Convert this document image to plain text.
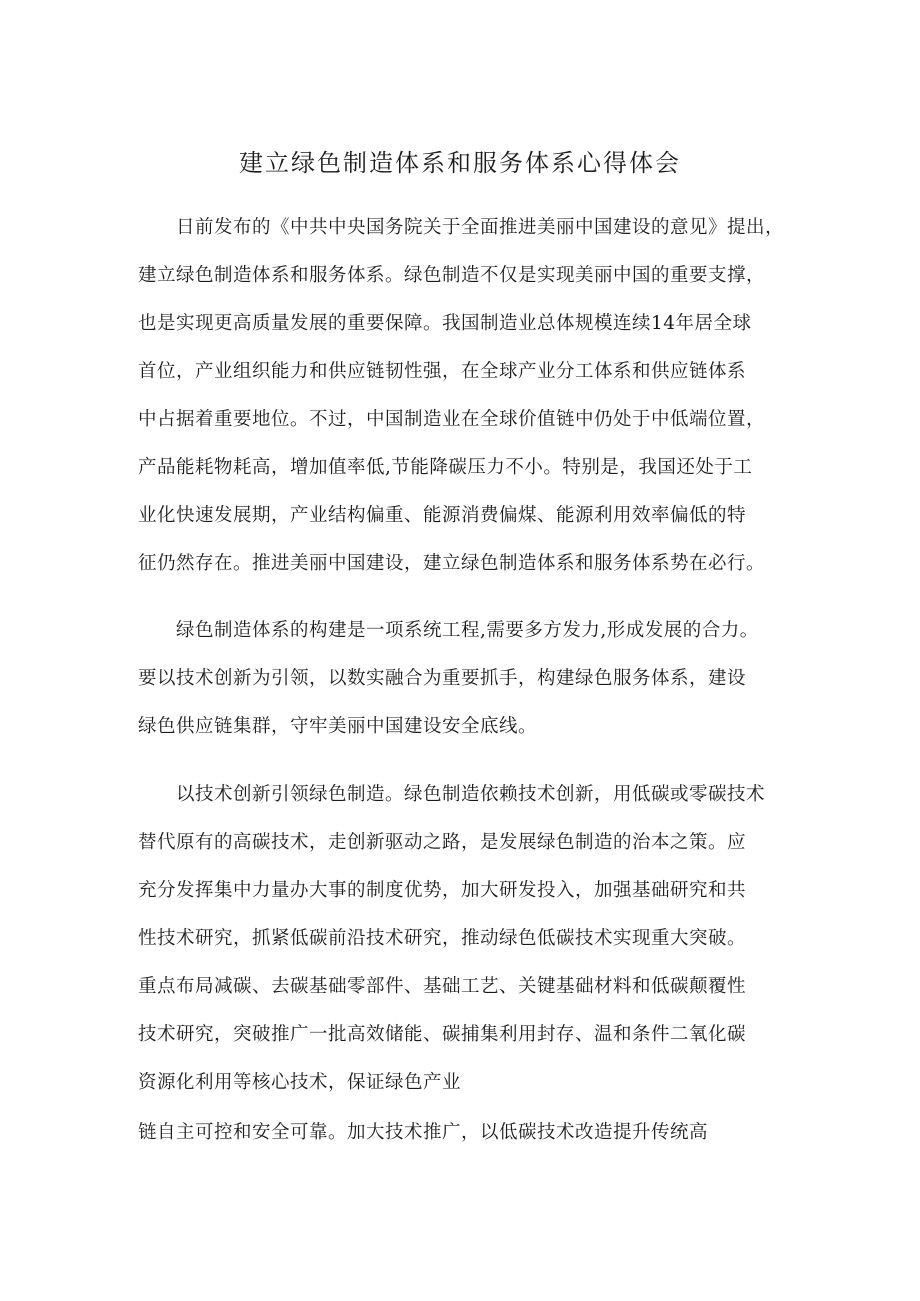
建立绿色制造体系和服务体系心得体会
日前发布的《中共中央国务院关于全面推进美丽中国建设的意见》提出，
建立绿色制造体系和服务体系。绿色制造不仅是实现美丽中国的重要支撑，
也是实现更高质量发展的重要保障。我国制造业总体规模连续14年居全球
首位，产业组织能力和供应链韧性强，在全球产业分工体系和供应链体系
中占据着重要地位。不过，中国制造业在全球价值链中仍处于中低端位置，
产品能耗物耗高，增加值率低,节能降碳压力不小。特别是，我国还处于工
业化快速发展期，产业结构偏重、能源消费偏煤、能源利用效率偏低的特
征仍然存在。推进美丽中国建设，建立绿色制造体系和服务体系势在必行。
绿色制造体系的构建是一项系统工程,需要多方发力,形成发展的合力。
要以技术创新为引领，以数实融合为重要抓手，构建绿色服务体系，建设
绿色供应链集群，守牢美丽中国建设安全底线。
以技术创新引领绿色制造。绿色制造依赖技术创新，用低碳或零碳技术
替代原有的高碳技术，走创新驱动之路，是发展绿色制造的治本之策。应
充分发挥集中力量办大事的制度优势，加大研发投入，加强基础研究和共
性技术研究，抓紧低碳前沿技术研究，推动绿色低碳技术实现重大突破。
重点布局减碳、去碳基础零部件、基础工艺、关键基础材料和低碳颠覆性
技术研究，突破推广一批高效储能、碳捕集利用封存、温和条件二氧化碳
资源化利用等核心技术，保证绿色产业
链自主可控和安全可靠。加大技术推广，以低碳技术改造提升传统高
